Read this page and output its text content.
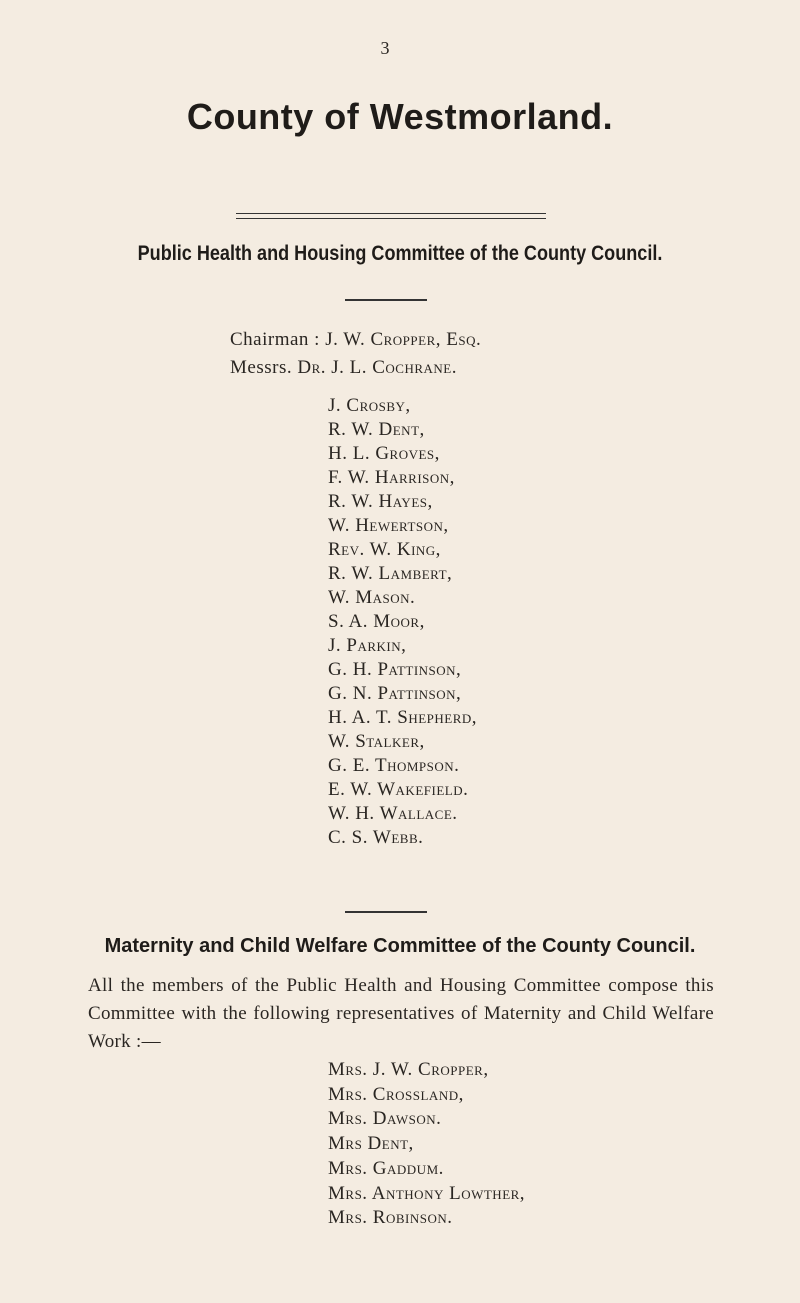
3
County of Westmorland.
Public Health and Housing Committee of the County Council.
Chairman : J. W. Cropper, Esq.
Messrs. Dr. J. L. Cochrane.
J. Crosby,
R. W. Dent,
H. L. Groves,
F. W. Harrison,
R. W. Hayes,
W. Hewertson,
Rev. W. King,
R. W. Lambert,
W. Mason.
S. A. Moor,
J. Parkin,
G. H. Pattinson,
G. N. Pattinson,
H. A. T. Shepherd,
W. Stalker,
G. E. Thompson.
E. W. Wakefield.
W. H. Wallace.
C. S. Webb.
Maternity and Child Welfare Committee of the County Council.
All the members of the Public Health and Housing Committee compose this Committee with the following representatives of Maternity and Child Welfare Work :—
Mrs. J. W. Cropper,
Mrs. Crossland,
Mrs. Dawson.
Mrs Dent,
Mrs. Gaddum.
Mrs. Anthony Lowther,
Mrs. Robinson.
